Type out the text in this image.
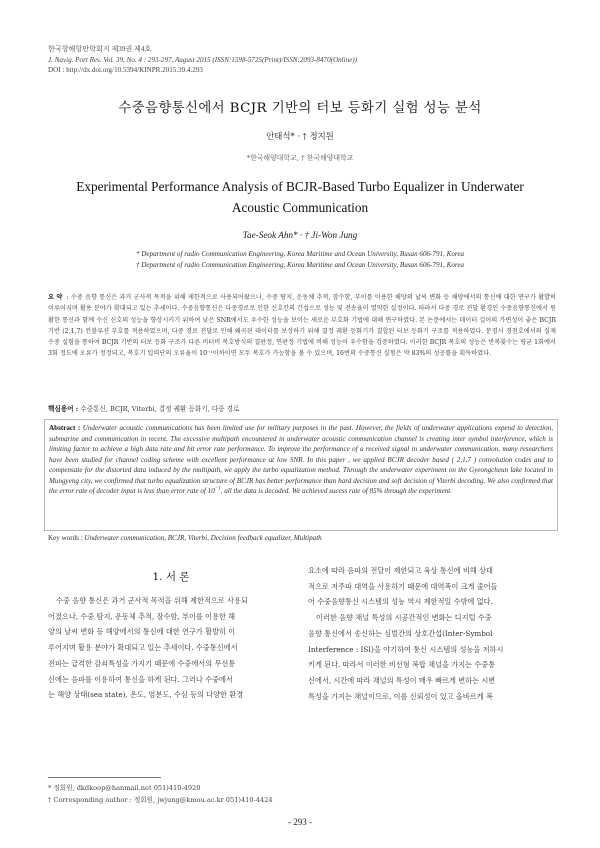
한국항해항만학회지 제39권 제4호
J. Navig. Port Res. Vol. 39, No. 4 : 293-297, August 2015 (ISSN:1598-5725(Print)/ISSN:2093-8470(Online))
DOI : http://dx.doi.org/10.5394/KINPR.2015.39.4.293
수중음향통신에서 BCJR 기반의 터보 등화기 실험 성능 분석
안태석* · † 정지원
*한국해양대학교, † 한국해양대학교
Experimental Performance Analysis of BCJR-Based Turbo Equalizer in Underwater
Acoustic Communication
Tae-Seok Ahn* · † Ji-Won Jung
* Department of radio Communication Engineering, Korea Maritime and Ocean University, Busan 606-791, Korea
† Department of radio Communication Engineering, Korea Maritime and Ocean University, Busan 606-791, Korea
요 약 : 수중 음향 통신은 과거 군사적 목적을 위해 제한적으로 사용되어왔으나, 수중 탐지, 운동체 추적, 잠수함, 부이를 이용한 해양의 날씨 변화 등 해양에서의 통신에 대한 연구가 활발히 이루어지며 활용 분야가 확대되고 있는 추세이다. 수중음향통신은 다중경로로 인한 신호간의 간섭으로 성능 및 전송율이 열악한 실정이다. 따라서 다중 경로 전달 환경인 수중음향통신에서 원활한 통신과 함께 수신 신호의 성능을 향상시키기 위하여 낮은 SNR에서도 우수한 성능을 보이는 새로운 부호화 기법에 대해 연구하였다. 본 논문에서는 데이터 길이의 가변성이 좋은 BCJR기반 (2,1,7) 컨볼루션 부호를 적용하였으며, 다중 경로 전달로 인해 왜곡된 데이터를 보상하기 위해 결정 궤환 등화기가 결합된 터보 등화기 구조를 적용하였다. 문경시 경천호에서의 실제 수중 실험을 통하여 BCJR 기반의 터보 등화 구조가 다른 비터비 복호방식의 결판정, 연판정 기법에 비해 성능이 우수함을 검증하였다. 이러한 BCJR 복호의 성능은 반복횟수는 평균 1회에서 3회 정도에 오류가 정정되고, 복호기 입력단의 오류율이 10⁻¹이하이면 모두 복호가 가능함을 볼 수 있으며, 16번의 수중통신 실험은 약 83%의 성공률을 획득하였다.
핵심용어 : 수중통신, BCJR, Viterbi, 결정 궤환 등화기, 다중 경로
Abstract : Underwater acoustic communications has been limited use for military purposes in the past. However, the fields of underwater applications expend to detection, submarine and communication in recent. The excessive multipath encountered in underwater acoustic communication channel is creating inter symbol interference, which is limiting factor to achieve a high data rate and bit error rate performance. To improve the performance of a received signal in underwater communication, many researchers have been studied for channel coding scheme with excellent performance at low SNR. In this paper , we applied BCJR decoder based ( 2,1,7 ) convolution codes and to compensate for the distorted data induced by the multipath, we apply the turbo equalization method. Through the underwater experiment on the Gyeongcheun lake located in Mungyeng city, we confirmed that turbo equalization structure of BCJR has better performance than hard decision and soft decision of Viterbi decoding. We also confirmed that the error rate of decoder input is less than error rate of $10^{-1}$, all the data is decoded. We achieved sucess rate of 85% through the experiment.
Key words : Underwater communication, BCJR, Viterbi, Decision feedback equalizer, Multipath
1. 서 론
수중 음향 통신은 과거 군사적 목적을 위해 제한적으로 사용되
어졌으나, 수중 탐지, 운동체 추적, 잠수함, 부이를 이용한 해
양의 날씨 변화 등 해양에서의 통신에 대한 연구가 활발히 이
루어지며 활용 분야가 확대되고 있는 추세이다. 수중통신에서
전파는 급격한 감쇠특성을 가지기 때문에 수중에서의 무선통
신에는 음파를 이용하여 통신을 하게 된다. 그러나 수중에서
는 해양 상태(sea state), 온도, 염분도, 수심 등의 다양한 환경
요소에 따라 음파의 전달이 제한되고 육상 통신에 비해 상대
적으로 저주파 대역을 사용하기 때문에 대역폭이 크게 줄어들
어 수중음향통신 시스템의 성능 역시 제한적일 수밖에 없다.
이러한 음향 채널 특성의 시공간적인 변화는 디지털 수중
음향 통신에서 송신하는 심벌간의 상호간섭(Inter-Symbol
Interference : ISI)을 야기하여 통신 시스템의 성능을 저하시
키게 된다. 따라서 이러한 비선형 복합 채널을 가지는 수중통
신에서, 시간에 따라 채널의 특성이 매우 빠르게 변하는 시변
특성을 가지는 채널이므로, 이를 신뢰성이 있고 올바르게 복
* 정회원, dkdkoop@hanmail.net 051)410-4920
† Corresponding author : 정회원, jwjung@kmou.ac.kr 051)410-4424
- 293 -
